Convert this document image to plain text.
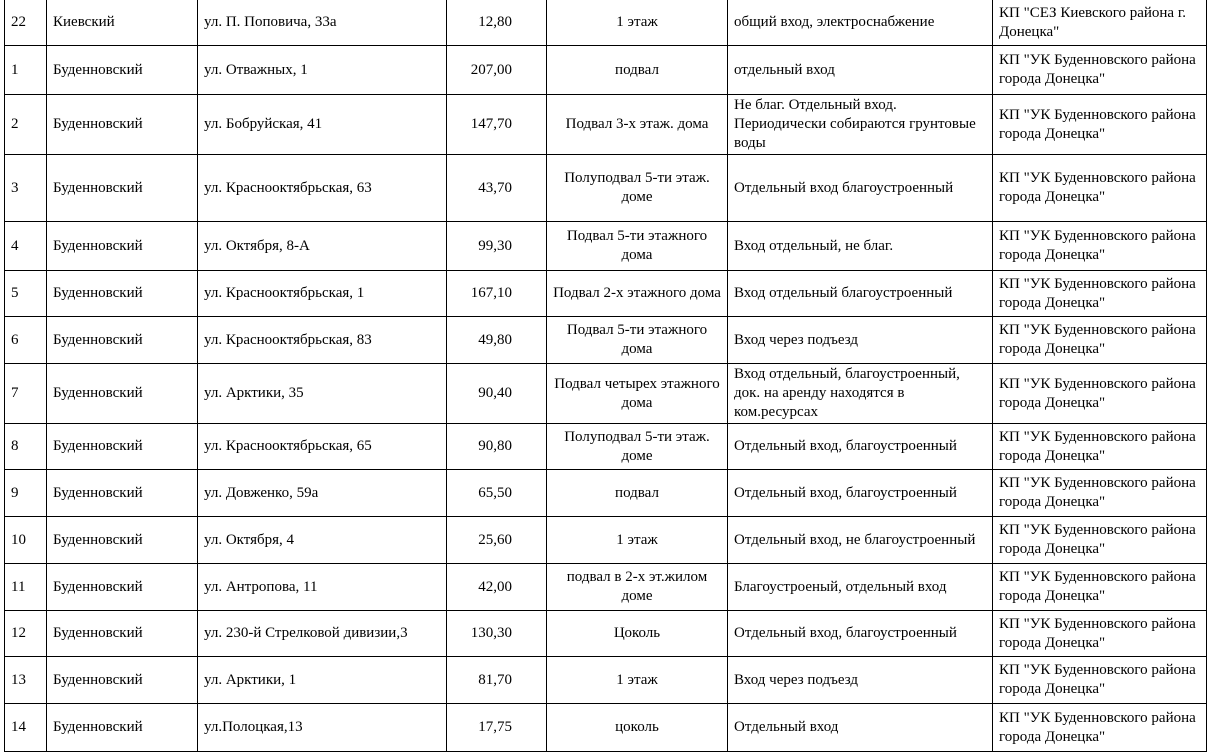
22	Киевский	ул. П. Поповича, 33а	12,80	1 этаж	общий вход, электроснабжение	КП "СЕЗ Киевского района г. Донецка"
1	Буденновский	ул. Отважных, 1	207,00	подвал	отдельный вход	КП "УК Буденновского района города Донецка"
2	Буденновский	ул. Бобруйская, 41	147,70	Подвал 3-х этаж. дома	Не благ. Отдельный вход. Периодически собираются грунтовые воды	КП "УК Буденновского района города Донецка"
3	Буденновский	ул. Краснооктябрьская, 63	43,70	Полуподвал 5-ти этаж. доме	Отдельный вход благоустроенный	КП "УК Буденновского района города Донецка"
4	Буденновский	ул. Октября, 8-А	99,30	Подвал 5-ти этажного дома	Вход отдельный, не благ.	КП "УК Буденновского района города Донецка"
5	Буденновский	ул. Краснооктябрьская, 1	167,10	Подвал 2-х этажного дома	Вход отдельный благоустроенный	КП "УК Буденновского района города Донецка"
6	Буденновский	ул. Краснооктябрьская, 83	49,80	Подвал 5-ти этажного дома	Вход через подъезд	КП "УК Буденновского района города Донецка"
7	Буденновский	ул. Арктики, 35	90,40	Подвал четырех этажного дома	Вход отдельный, благоустроенный, док. на аренду находятся в ком.ресурсах	КП "УК Буденновского района города Донецка"
8	Буденновский	ул. Краснооктябрьская, 65	90,80	Полуподвал 5-ти этаж. доме	Отдельный вход, благоустроенный	КП "УК Буденновского района города Донецка"
9	Буденновский	ул. Довженко, 59а	65,50	подвал	Отдельный вход, благоустроенный	КП "УК Буденновского района города Донецка"
10	Буденновский	ул. Октября, 4	25,60	1 этаж	Отдельный вход, не благоустроенный	КП "УК Буденновского района города Донецка"
11	Буденновский	ул. Антропова, 11	42,00	подвал в 2-х эт.жилом доме	Благоустроеный, отдельный вход	КП "УК Буденновского района города Донецка"
12	Буденновский	ул. 230-й Стрелковой дивизии,3	130,30	Цоколь	Отдельный вход, благоустроенный	КП "УК Буденновского района города Донецка"
13	Буденновский	ул. Арктики, 1	81,70	1 этаж	Вход через подъезд	КП "УК Буденновского района города Донецка"
14	Буденновский	ул.Полоцкая,13	17,75	цоколь	Отдельный вход	КП "УК Буденновского района города Донецка"
